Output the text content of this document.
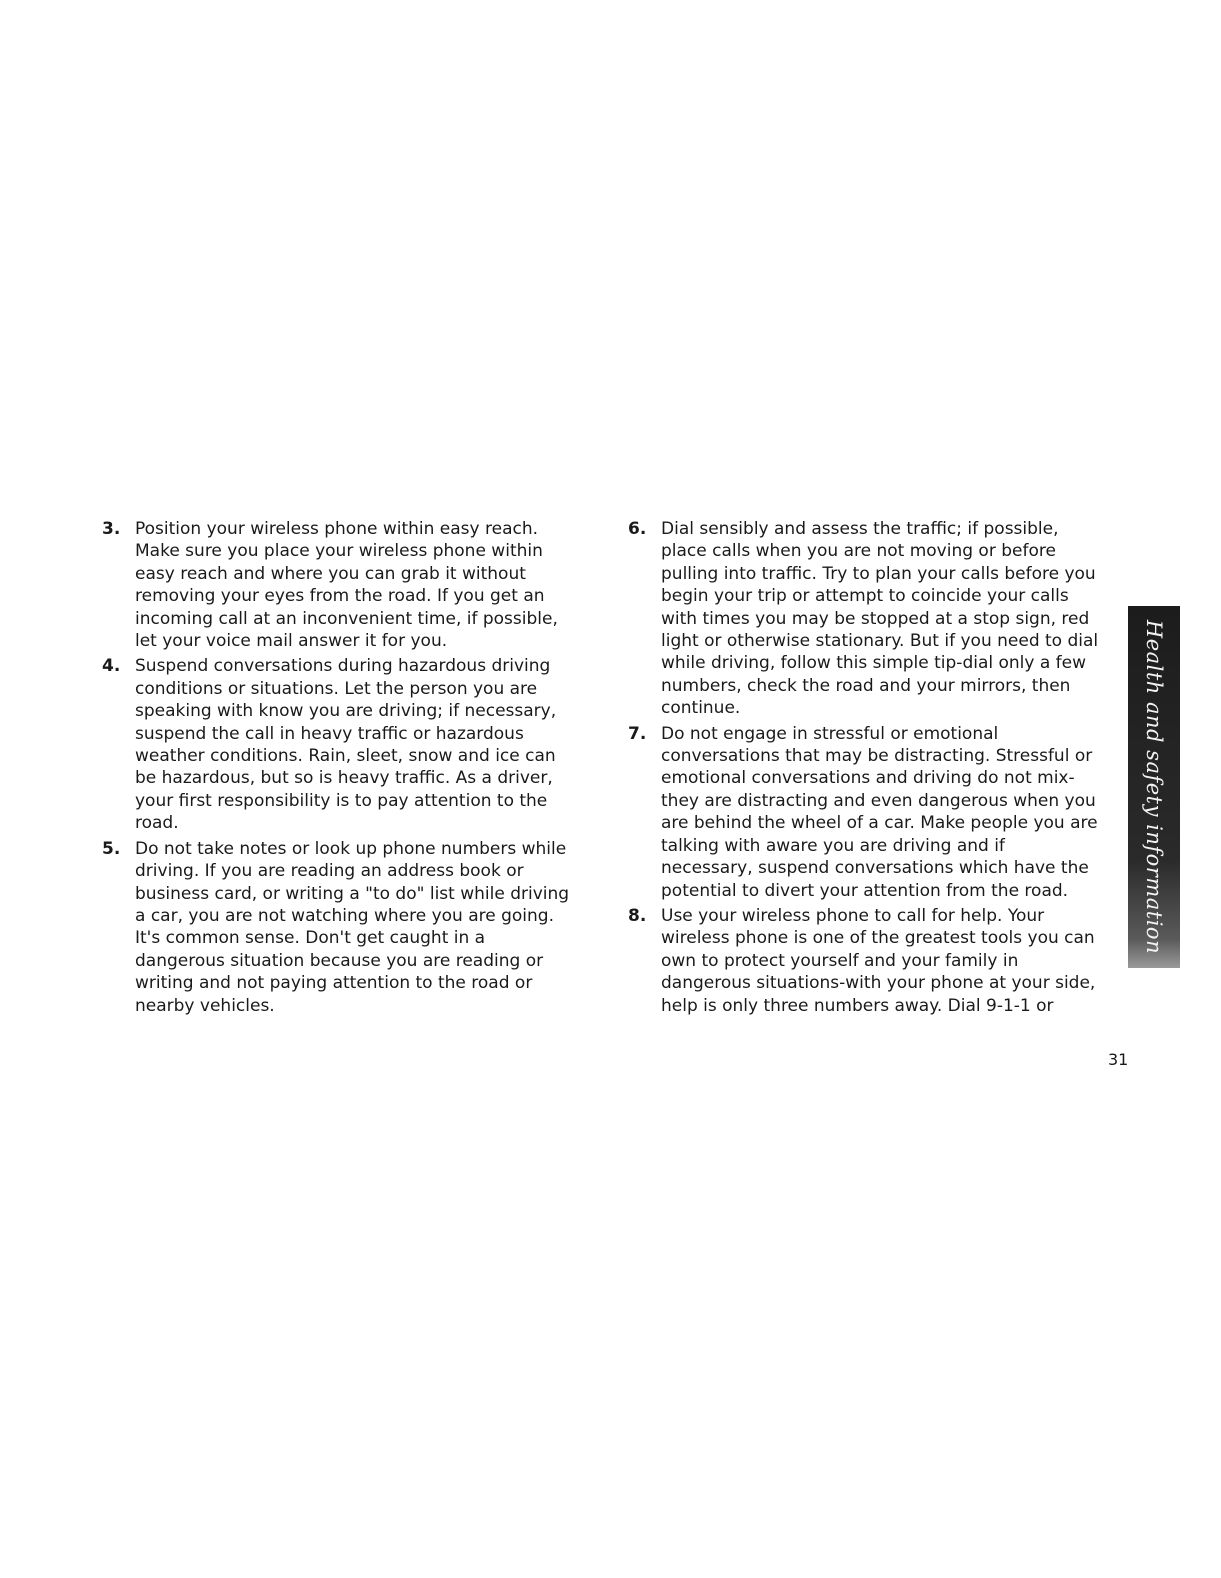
3. Position your wireless phone within easy reach.
Make sure you place your wireless phone within
easy reach and where you can grab it without
removing your eyes from the road. If you get an
incoming call at an inconvenient time, if possible,
let your voice mail answer it for you.

4. Suspend conversations during hazardous driving
conditions or situations. Let the person you are
speaking with know you are driving; if necessary,
suspend the call in heavy traffic or hazardous
weather conditions. Rain, sleet, snow and ice can
be hazardous, but so is heavy traffic. As a driver,
your first responsibility is to pay attention to the
road.

5. Do not take notes or look up phone numbers while
driving. If you are reading an address book or
business card, or writing a "to do" list while driving
a car, you are not watching where you are going.
It's common sense. Don't get caught in a
dangerous situation because you are reading or
writing and not paying attention to the road or
nearby vehicles.

6. Dial sensibly and assess the traffic; if possible,
place calls when you are not moving or before
pulling into traffic. Try to plan your calls before you
begin your trip or attempt to coincide your calls
with times you may be stopped at a stop sign, red
light or otherwise stationary. But if you need to dial
while driving, follow this simple tip-dial only a few
numbers, check the road and your mirrors, then
continue.

7. Do not engage in stressful or emotional
conversations that may be distracting. Stressful or
emotional conversations and driving do not mix-
they are distracting and even dangerous when you
are behind the wheel of a car. Make people you are
talking with aware you are driving and if
necessary, suspend conversations which have the
potential to divert your attention from the road.

8. Use your wireless phone to call for help. Your
wireless phone is one of the greatest tools you can
own to protect yourself and your family in
dangerous situations-with your phone at your side,
help is only three numbers away. Dial 9-1-1 or

Health and safety information
31
